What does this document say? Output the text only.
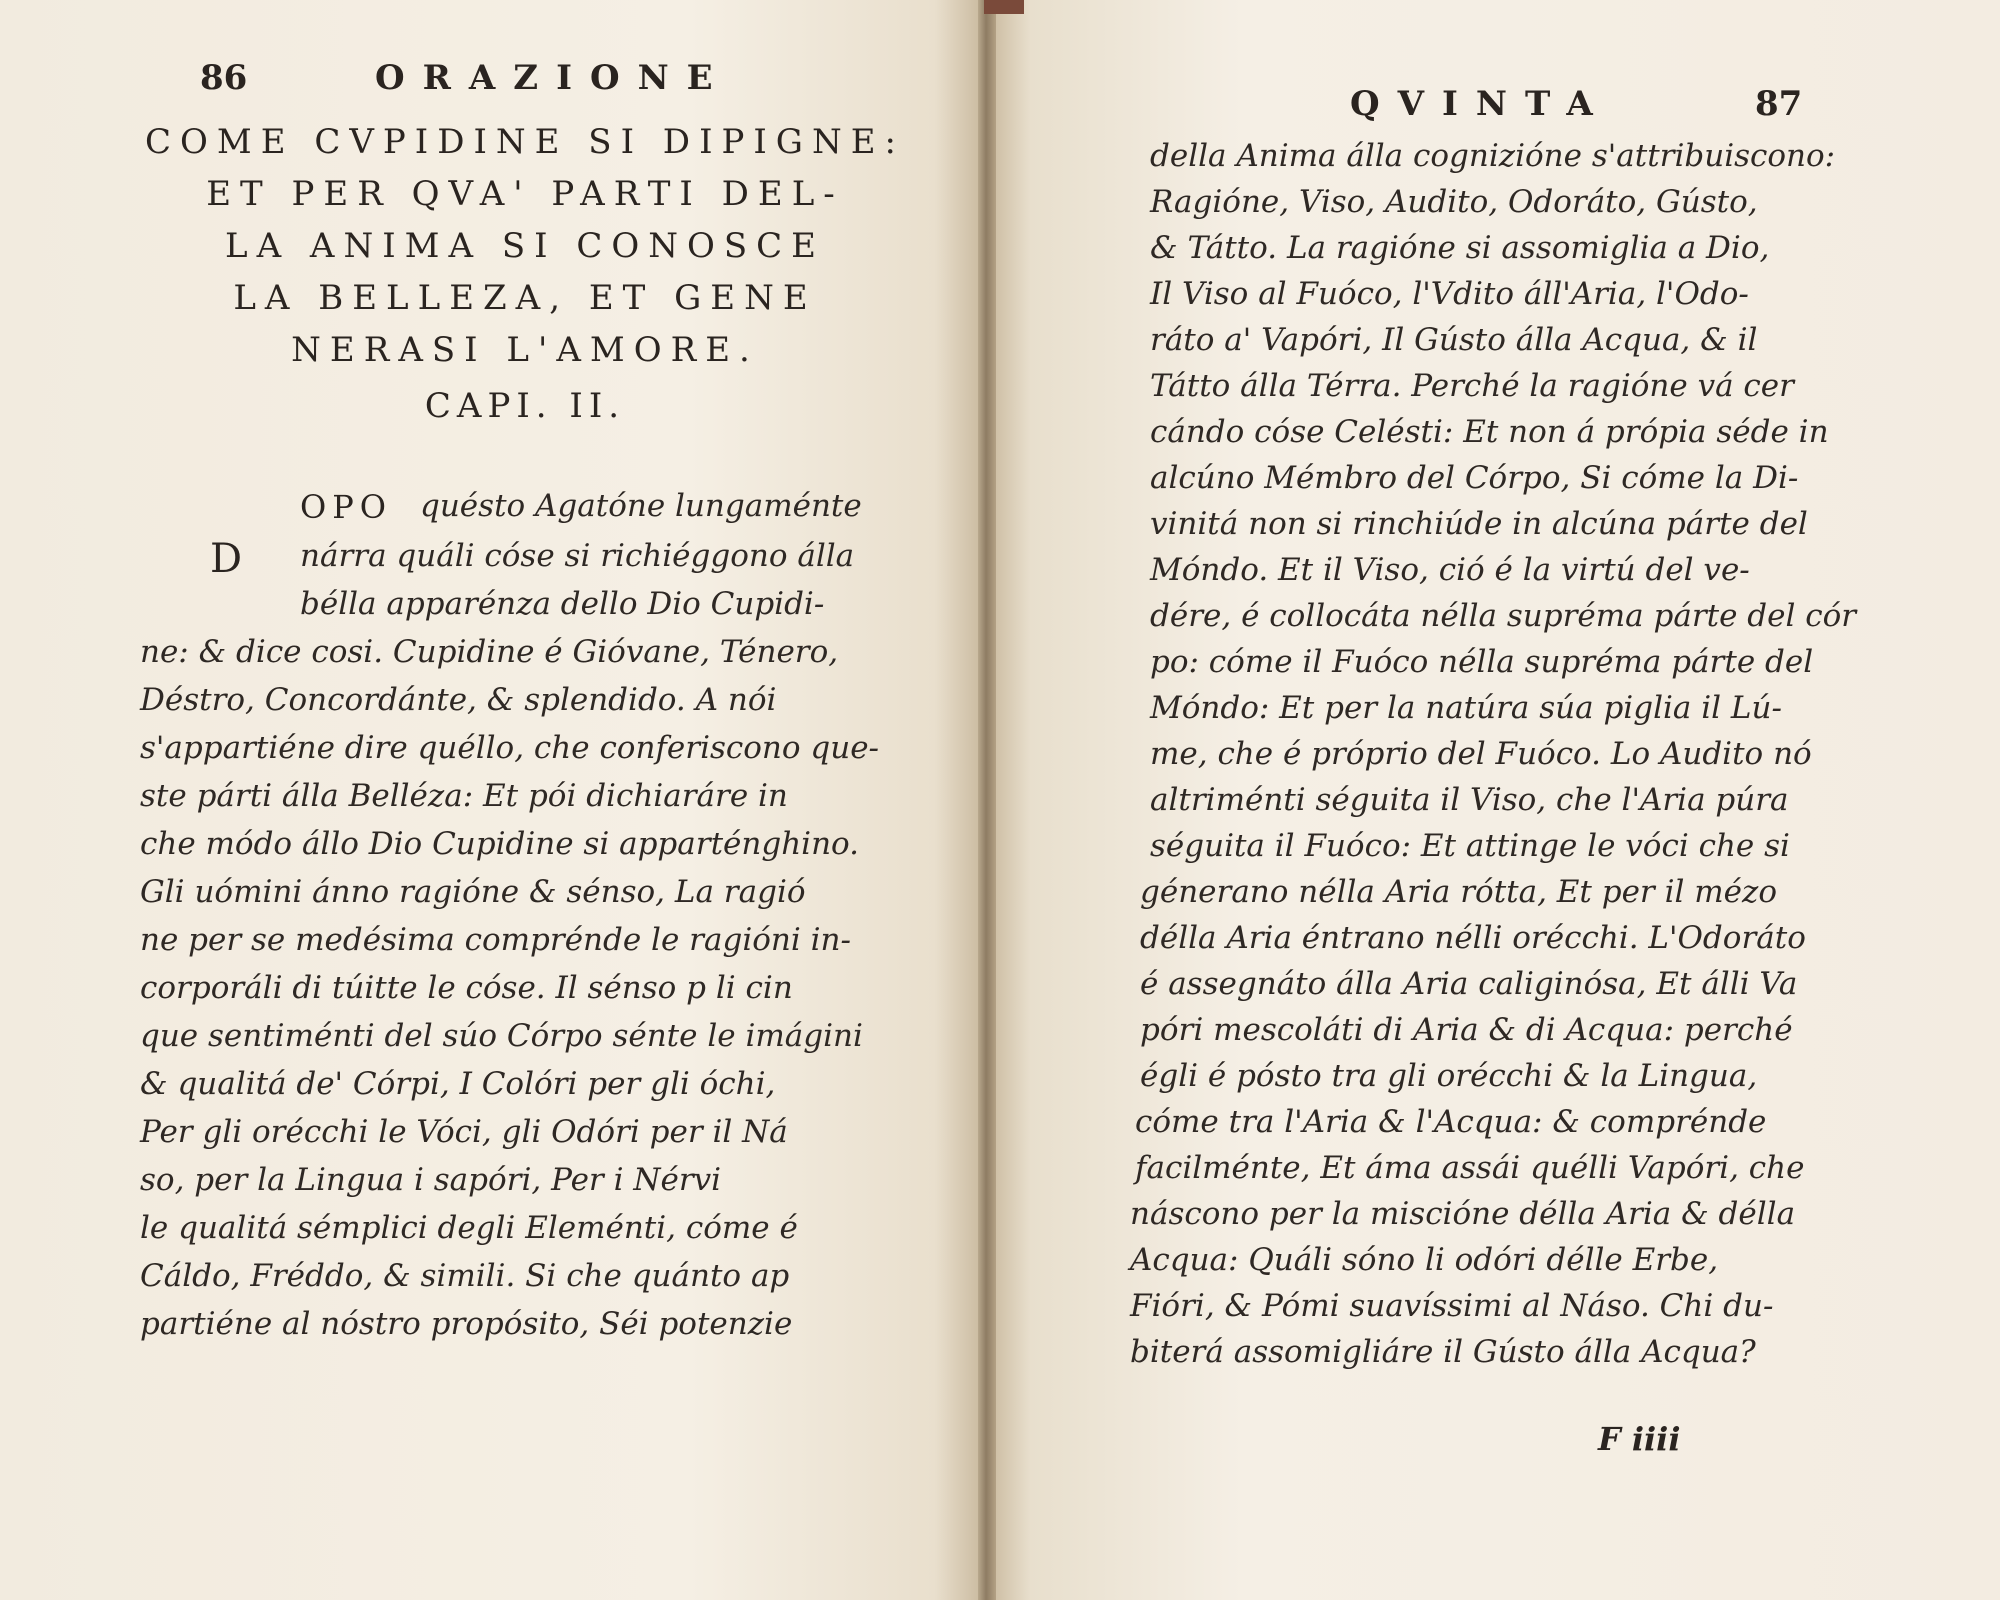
86	ORAZIONE
COME CVPIDINE SI DIPIGNE:
ET PER QVA' PARTI DEL-
LA ANIMA SI CONOSCE
LA BELLEZA, ET GENE
NERASI L'AMORE.
CAPI. II.
D
OPO quésto Agatóne lungaménte
nárra quáli cóse si richiéggono álla
bélla apparénza dello Dio Cupidi-
ne: & dice cosi. Cupidine é Gióvane, Ténero,
Déstro, Concordánte, & splendido. A nói
s'appartiéne dire quéllo, che conferiscono que-
ste párti álla Belléza: Et pói dichiaráre in
che módo állo Dio Cupidine si apparténghino.
Gli uómini ánno ragióne & sénso, La ragió
ne per se medésima comprénde le ragióni in-
corporáli di túitte le cóse. Il sénso p li cin
que sentiménti del súo Córpo sénte le imágini
& qualitá de' Córpi, I Colóri per gli óchi,
Per gli orécchi le Vóci, gli Odóri per il Ná
so, per la Lingua i sapóri, Per i Nérvi
le qualitá sémplici degli Eleménti, cóme é
Cáldo, Fréddo, & simili. Si che quánto ap
partiéne al nóstro propósito, Séi potenzie
QVINTA	87
della Anima álla cognizióne s'attribuiscono:
Ragióne, Viso, Audito, Odoráto, Gústo,
& Tátto. La ragióne si assomiglia a Dio,
Il Viso al Fuóco, l'Vdito áll'Aria, l'Odo-
ráto a' Vapóri, Il Gústo álla Acqua, & il
Tátto álla Térra. Perché la ragióne vá cer
cándo cóse Celésti: Et non á própia séde in
alcúno Mémbro del Córpo, Si cóme la Di-
vinitá non si rinchiúde in alcúna párte del
Móndo. Et il Viso, ció é la virtú del ve-
dére, é collocáta nélla supréma párte del cór
po: cóme il Fuóco nélla supréma párte del
Móndo: Et per la natúra súa piglia il Lú-
me, che é próprio del Fuóco. Lo Audito nó
altriménti séguita il Viso, che l'Aria púra
séguita il Fuóco: Et attinge le vóci che si
génerano nélla Aria rótta, Et per il mézo
délla Aria éntrano nélli orécchi. L'Odoráto
é assegnáto álla Aria caliginósa, Et álli Va
póri mescoláti di Aria & di Acqua: perché
égli é pósto tra gli orécchi & la Lingua,
cóme tra l'Aria & l'Acqua: & comprénde
facilménte, Et áma assái quélli Vapóri, che
náscono per la miscióne délla Aria & délla
Acqua: Quáli sóno li odóri délle Erbe,
Fióri, & Pómi suavíssimi al Náso. Chi du-
biterá assomigliáre il Gústo álla Acqua?
F iiii
